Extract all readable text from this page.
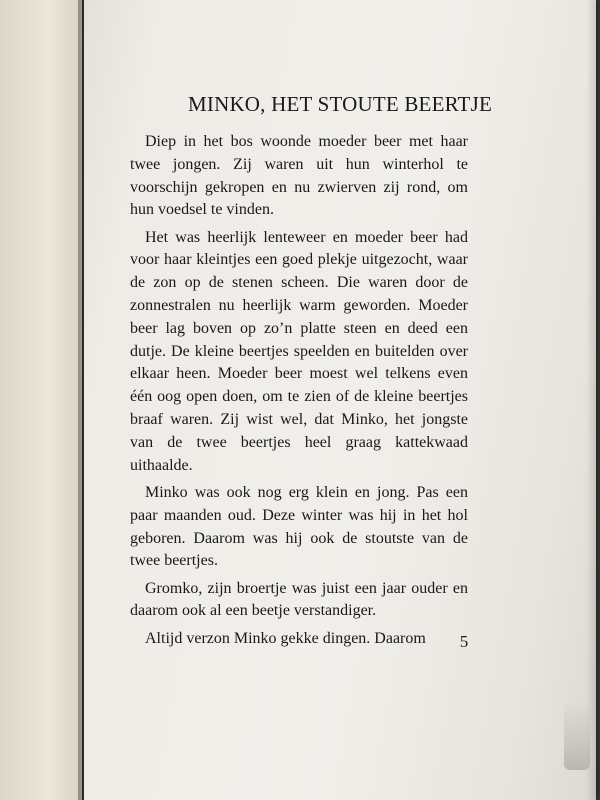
MINKO, HET STOUTE BEERTJE

Diep in het bos woonde moeder beer met haar twee jongen. Zij waren uit hun winterhol te voorschijn gekropen en nu zwierven zij rond, om hun voedsel te vinden.

Het was heerlijk lenteweer en moeder beer had voor haar kleintjes een goed plekje uitgezocht, waar de zon op de stenen scheen. Die waren door de zonnestralen nu heerlijk warm geworden. Moeder beer lag boven op zo’n platte steen en deed een dutje. De kleine beertjes speelden en buitelden over elkaar heen. Moeder beer moest wel telkens even één oog open doen, om te zien of de kleine beertjes braaf waren. Zij wist wel, dat Minko, het jongste van de twee beertjes heel graag kattekwaad uithaalde.

Minko was ook nog erg klein en jong. Pas een paar maanden oud. Deze winter was hij in het hol geboren. Daarom was hij ook de stoutste van de twee beertjes.

Gromko, zijn broertje was juist een jaar ouder en daarom ook al een beetje verstandiger.

Altijd verzon Minko gekke dingen. Daarom	5
